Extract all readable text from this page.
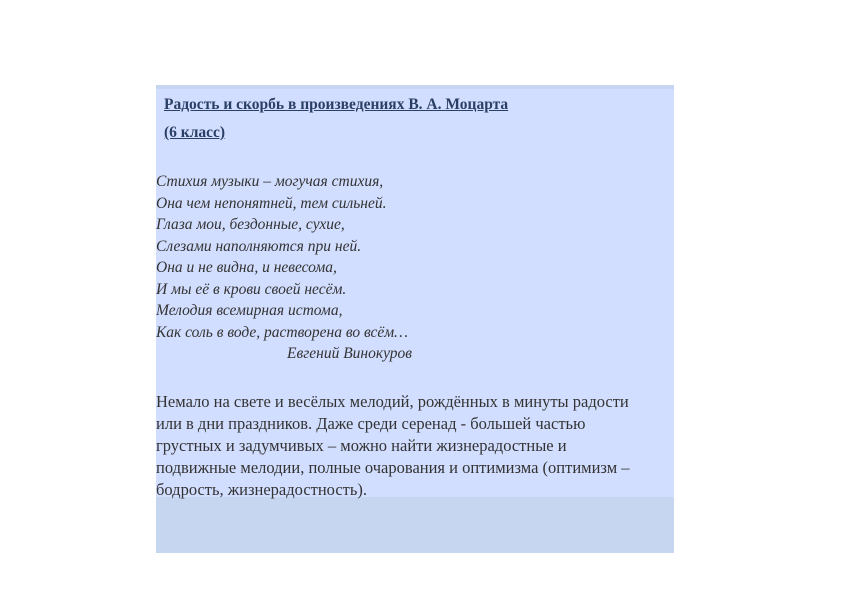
Радость и скорбь в произведениях В. А. Моцарта
(6 класс)
Стихия музыки – могучая стихия,
Она чем непонятней, тем сильней.
Глаза мои, бездонные, сухие,
Слезами наполняются при ней.
Она и не видна, и невесома,
И мы её в крови своей несём.
Мелодия всемирная истома,
Как соль в воде, растворена во всём…
Евгений Винокуров
Немало на свете и весёлых мелодий, рождённых в минуты радости
или в дни праздников. Даже среди серенад - большей частью
грустных и задумчивых – можно найти жизнерадостные и
подвижные мелодии, полные очарования и оптимизма (оптимизм –
бодрость, жизнерадостность).
